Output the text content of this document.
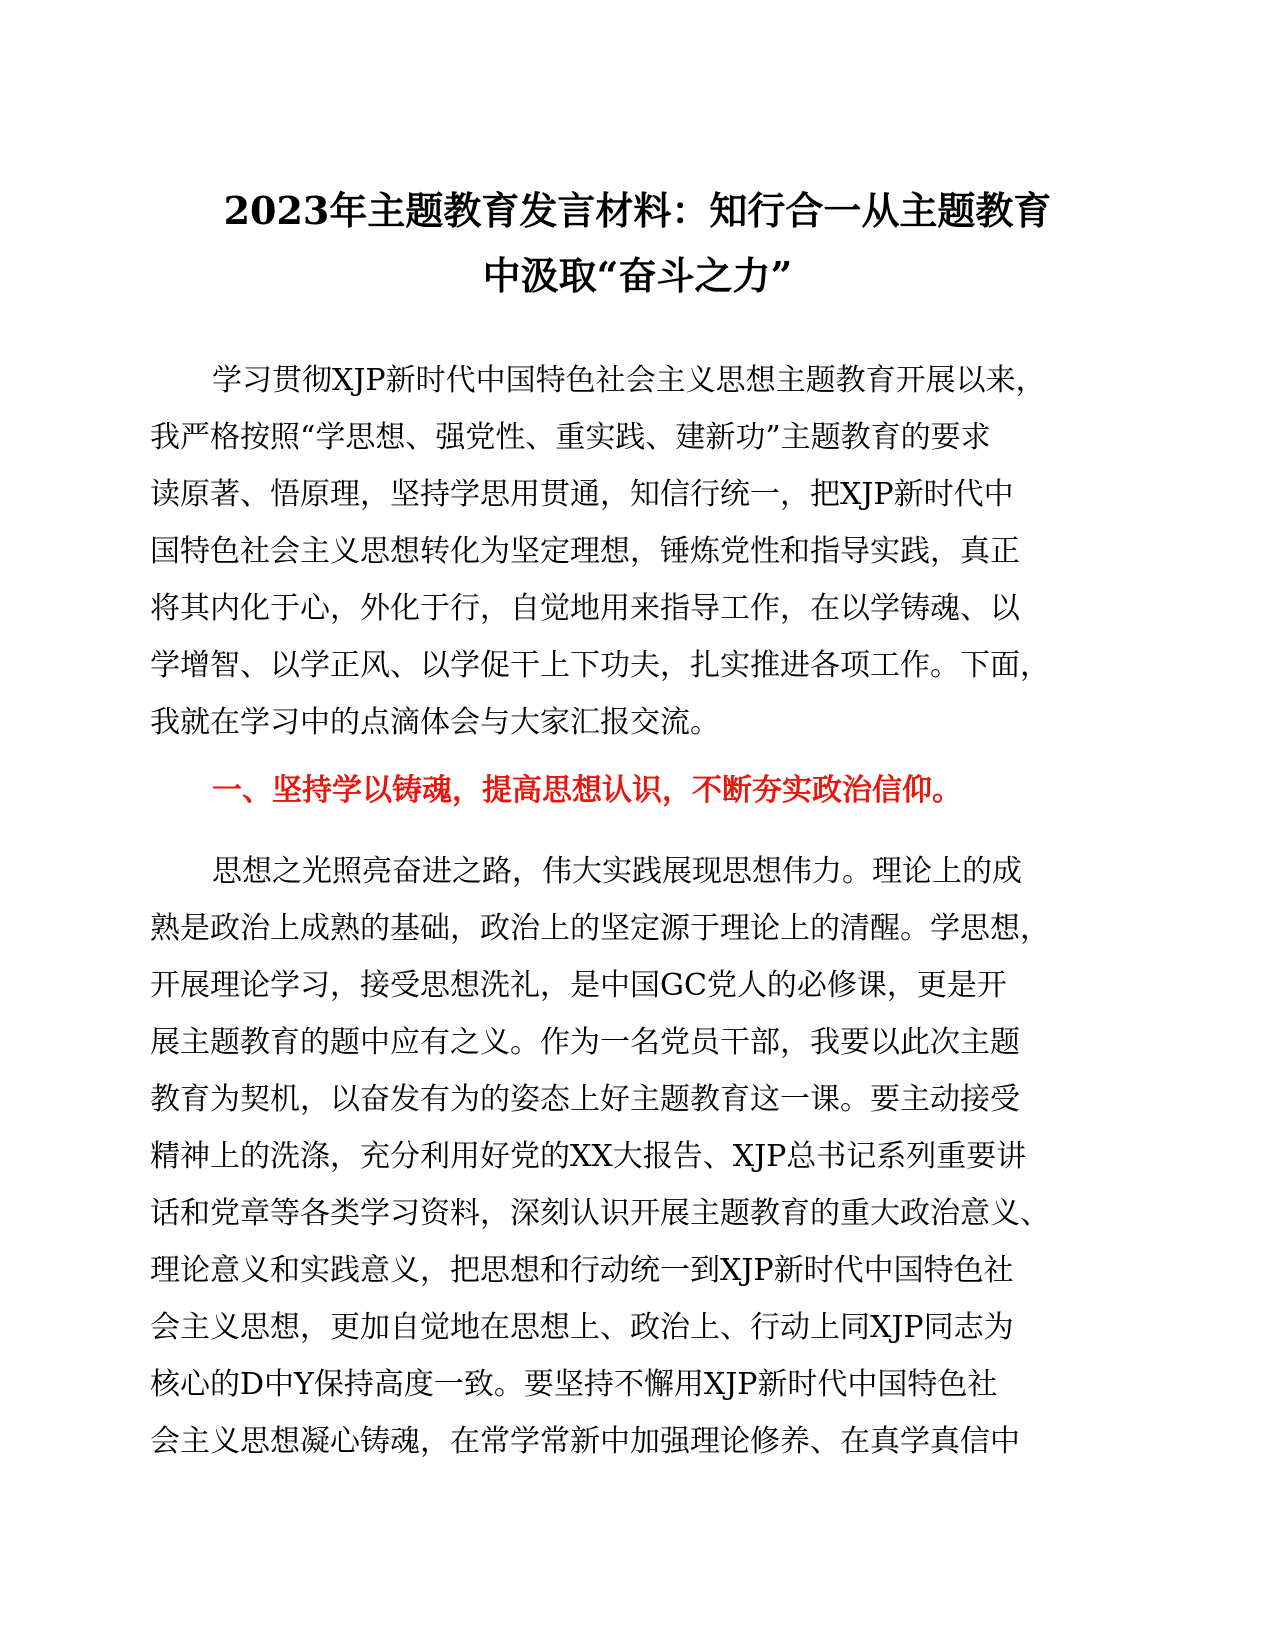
2023年主题教育发言材料：知行合一从主题教育
中汲取“奋斗之力”
学习贯彻XJP新时代中国特色社会主义思想主题教育开展以来，
我严格按照“学思想、强党性、重实践、建新功”主题教育的要求
读原著、悟原理，坚持学思用贯通，知信行统一，把XJP新时代中
国特色社会主义思想转化为坚定理想，锤炼党性和指导实践，真正
将其内化于心，外化于行，自觉地用来指导工作，在以学铸魂、以
学增智、以学正风、以学促干上下功夫，扎实推进各项工作。下面，
我就在学习中的点滴体会与大家汇报交流。
一、坚持学以铸魂，提高思想认识，不断夯实政治信仰。
思想之光照亮奋进之路，伟大实践展现思想伟力。理论上的成
熟是政治上成熟的基础，政治上的坚定源于理论上的清醒。学思想，
开展理论学习，接受思想洗礼，是中国GC党人的必修课，更是开
展主题教育的题中应有之义。作为一名党员干部，我要以此次主题
教育为契机，以奋发有为的姿态上好主题教育这一课。要主动接受
精神上的洗涤，充分利用好党的XX大报告、XJP总书记系列重要讲
话和党章等各类学习资料，深刻认识开展主题教育的重大政治意义、
理论意义和实践意义，把思想和行动统一到XJP新时代中国特色社
会主义思想，更加自觉地在思想上、政治上、行动上同XJP同志为
核心的D中Y保持高度一致。要坚持不懈用XJP新时代中国特色社
会主义思想凝心铸魂，在常学常新中加强理论修养、在真学真信中
